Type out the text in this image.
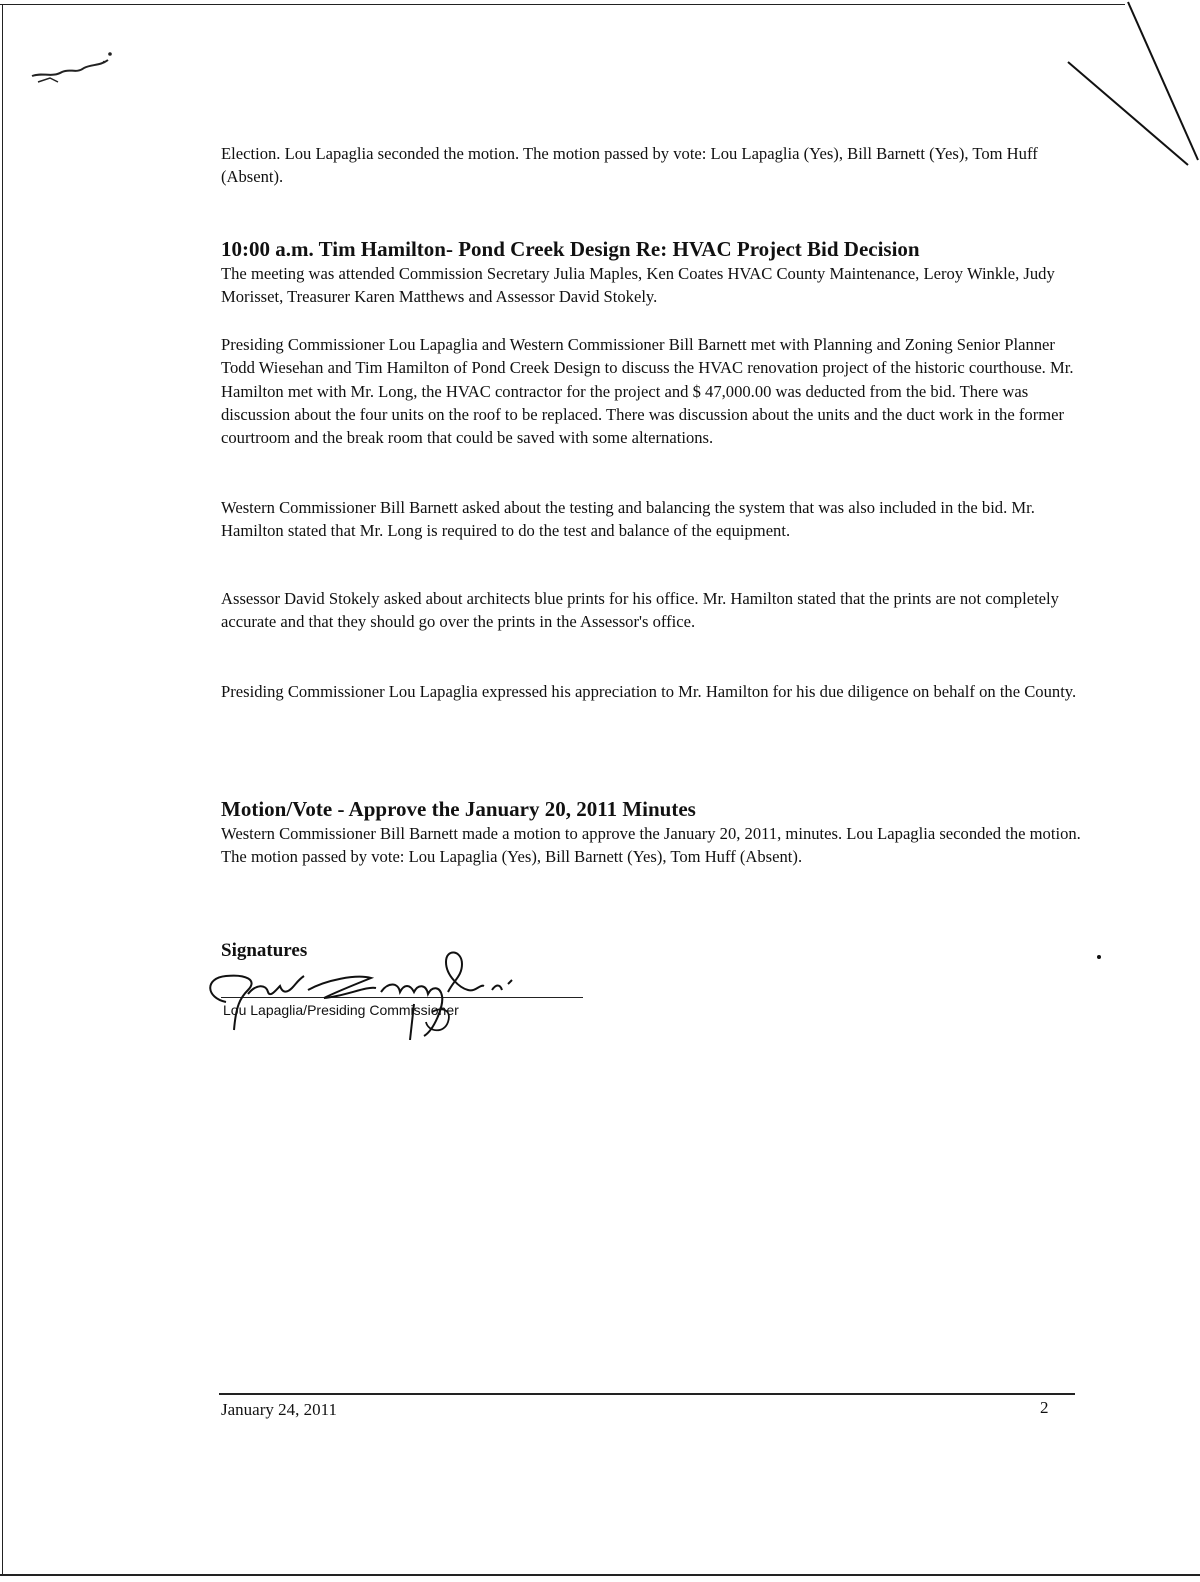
Election. Lou Lapaglia seconded the motion. The motion passed by vote: Lou Lapaglia (Yes), Bill Barnett (Yes), Tom Huff (Absent).
10:00 a.m. Tim Hamilton- Pond Creek Design Re: HVAC Project Bid Decision
The meeting was attended Commission Secretary Julia Maples, Ken Coates HVAC County Maintenance, Leroy Winkle, Judy Morisset, Treasurer Karen Matthews and Assessor David Stokely.
Presiding Commissioner Lou Lapaglia and Western Commissioner Bill Barnett met with Planning and Zoning Senior Planner Todd Wiesehan and Tim Hamilton of Pond Creek Design to discuss the HVAC renovation project of the historic courthouse. Mr. Hamilton met with Mr. Long, the HVAC contractor for the project and $ 47,000.00 was deducted from the bid. There was discussion about the four units on the roof to be replaced. There was discussion about the units and the duct work in the former courtroom and the break room that could be saved with some alternations.
Western Commissioner Bill Barnett asked about the testing and balancing the system that was also included in the bid. Mr. Hamilton stated that Mr. Long is required to do the test and balance of the equipment.
Assessor David Stokely asked about architects blue prints for his office. Mr. Hamilton stated that the prints are not completely accurate and that they should go over the prints in the Assessor's office.
Presiding Commissioner Lou Lapaglia expressed his appreciation to Mr. Hamilton for his due diligence on behalf on the County.
Motion/Vote - Approve the January 20, 2011 Minutes
Western Commissioner Bill Barnett made a motion to approve the January 20, 2011, minutes. Lou Lapaglia seconded the motion. The motion passed by vote: Lou Lapaglia (Yes), Bill Barnett (Yes), Tom Huff (Absent).
Signatures
Lou Lapaglia/Presiding Commissioner
January 24, 2011	2
